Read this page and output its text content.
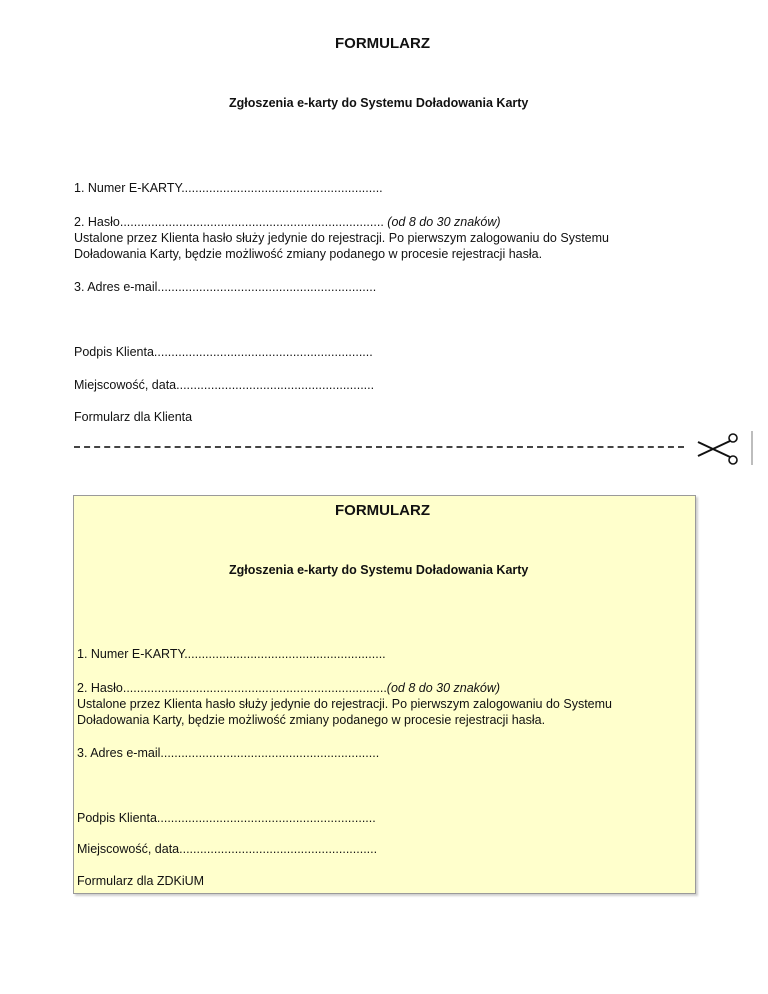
FORMULARZ
Zgłoszenia e-karty do Systemu Doładowania Karty
1. Numer E-KARTY..........................................................
2. Hasło............................................................................ (od 8 do 30 znaków)
Ustalone przez Klienta hasło służy jedynie do rejestracji. Po pierwszym zalogowaniu do Systemu
Doładowania Karty, będzie możliwość zmiany podanego w procesie rejestracji hasła.
3. Adres e-mail...............................................................
Podpis Klienta...............................................................
Miejscowość, data.........................................................
Formularz dla Klienta
FORMULARZ
Zgłoszenia e-karty do Systemu Doładowania Karty
1. Numer E-KARTY..........................................................
2. Hasło............................................................................(od 8 do 30 znaków)
Ustalone przez Klienta hasło służy jedynie do rejestracji. Po pierwszym zalogowaniu do Systemu
Doładowania Karty, będzie możliwość zmiany podanego w procesie rejestracji hasła.
3. Adres e-mail...............................................................
Podpis Klienta...............................................................
Miejscowość, data.........................................................
Formularz dla ZDKiUM
